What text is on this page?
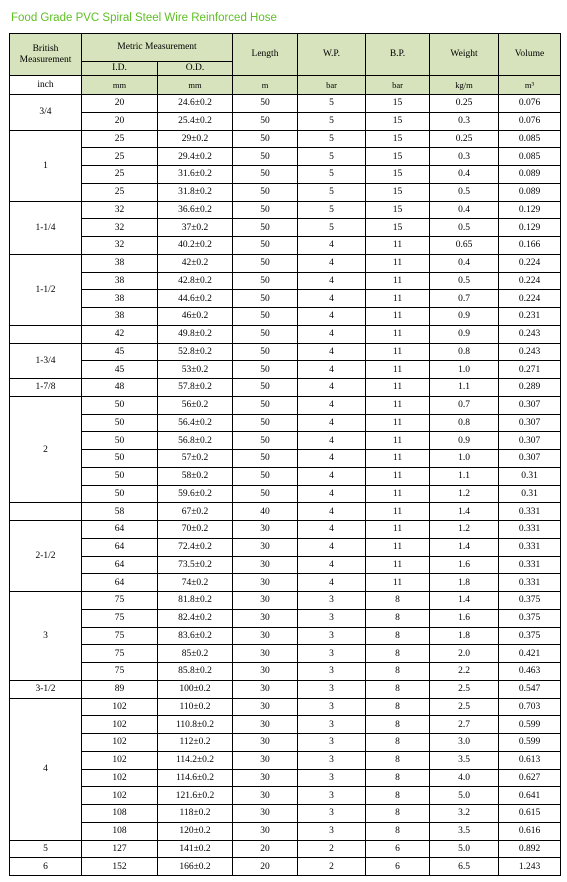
Food Grade PVC Spiral Steel Wire Reinforced Hose
British Measurement	Metric Measurement		Length	W.P.	B.P.	Weight	Volume
	I.D.	O.D.					
inch	mm	mm	m	bar	bar	kg/m	m³
3/4	20	24.6±0.2	50	5	15	0.25	0.076
	20	25.4±0.2	50	5	15	0.3	0.076
1	25	29±0.2	50	5	15	0.25	0.085
	25	29.4±0.2	50	5	15	0.3	0.085
	25	31.6±0.2	50	5	15	0.4	0.089
	25	31.8±0.2	50	5	15	0.5	0.089
1-1/4	32	36.6±0.2	50	5	15	0.4	0.129
	32	37±0.2	50	5	15	0.5	0.129
	32	40.2±0.2	50	4	11	0.65	0.166
1-1/2	38	42±0.2	50	4	11	0.4	0.224
	38	42.8±0.2	50	4	11	0.5	0.224
	38	44.6±0.2	50	4	11	0.7	0.224
	38	46±0.2	50	4	11	0.9	0.231
	42	49.8±0.2	50	4	11	0.9	0.243
1-3/4	45	52.8±0.2	50	4	11	0.8	0.243
	45	53±0.2	50	4	11	1.0	0.271
1-7/8	48	57.8±0.2	50	4	11	1.1	0.289
2	50	56±0.2	50	4	11	0.7	0.307
	50	56.4±0.2	50	4	11	0.8	0.307
	50	56.8±0.2	50	4	11	0.9	0.307
	50	57±0.2	50	4	11	1.0	0.307
	50	58±0.2	50	4	11	1.1	0.31
	50	59.6±0.2	50	4	11	1.2	0.31
	58	67±0.2	40	4	11	1.4	0.331
2-1/2	64	70±0.2	30	4	11	1.2	0.331
	64	72.4±0.2	30	4	11	1.4	0.331
	64	73.5±0.2	30	4	11	1.6	0.331
	64	74±0.2	30	4	11	1.8	0.331
3	75	81.8±0.2	30	3	8	1.4	0.375
	75	82.4±0.2	30	3	8	1.6	0.375
	75	83.6±0.2	30	3	8	1.8	0.375
	75	85±0.2	30	3	8	2.0	0.421
	75	85.8±0.2	30	3	8	2.2	0.463
3-1/2	89	100±0.2	30	3	8	2.5	0.547
4	102	110±0.2	30	3	8	2.5	0.703
	102	110.8±0.2	30	3	8	2.7	0.599
	102	112±0.2	30	3	8	3.0	0.599
	102	114.2±0.2	30	3	8	3.5	0.613
	102	114.6±0.2	30	3	8	4.0	0.627
	102	121.6±0.2	30	3	8	5.0	0.641
	108	118±0.2	30	3	8	3.2	0.615
	108	120±0.2	30	3	8	3.5	0.616
5	127	141±0.2	20	2	6	5.0	0.892
6	152	166±0.2	20	2	6	6.5	1.243
